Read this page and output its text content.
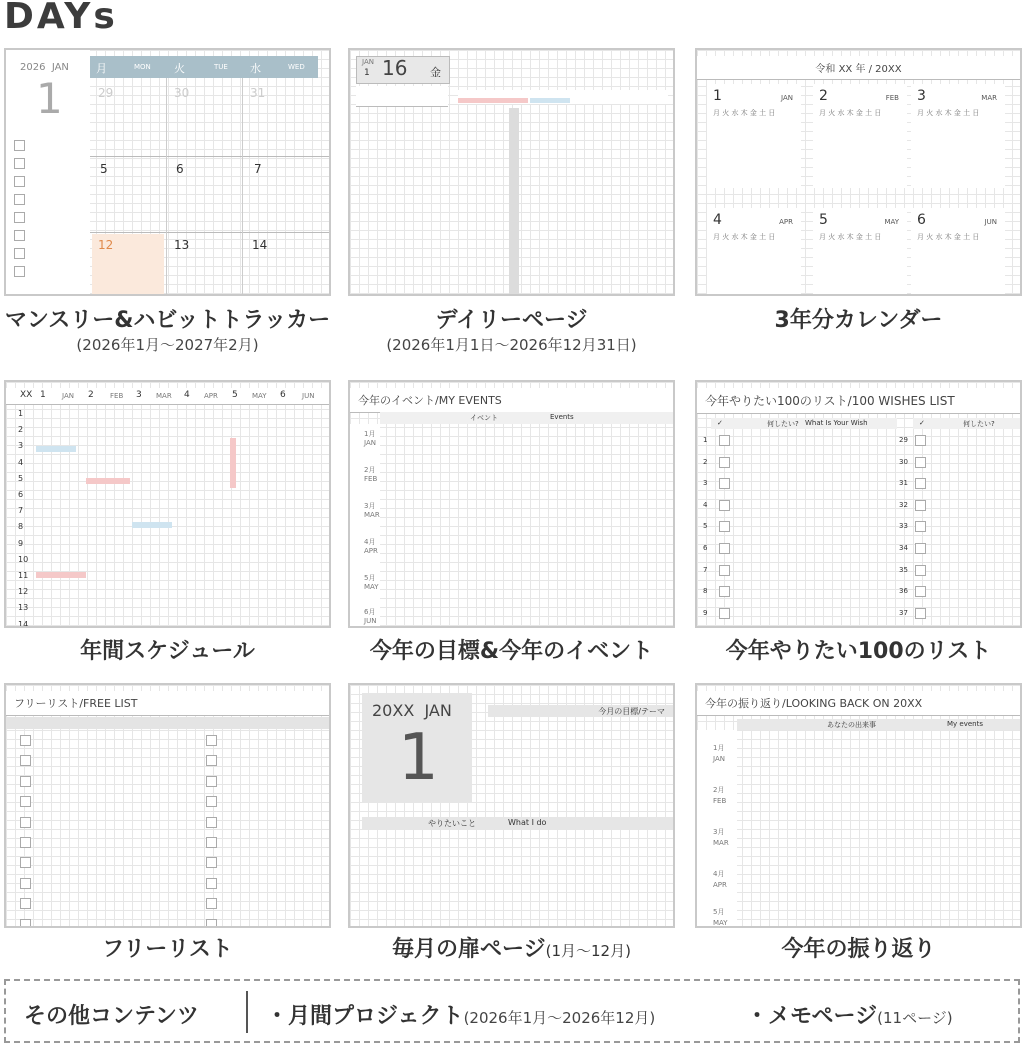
DAYs
2026 JAN
1
月	MON 火	TUE 水	WED
29	30	31
5	6	7
12	13	14
マンスリー&ハビットトラッカー
(2026年1月〜2027年2月)
JAN
1 16 金
デイリーページ
(2026年1月1日〜2026年12月31日)
令和 XX 年 / 20XX
1	JAN
月 火 水 木 金 土 日
2	FEB
月 火 水 木 金 土 日
3	MAR
月 火 水 木 金 土 日
4	APR
月 火 水 木 金 土 日
5	MAY
月 火 水 木 金 土 日
6	JUN
月 火 水 木 金 土 日
3年分カレンダー
XX 1 JAN 2 FEB 3 MAR 4 APR 5 MAY 6 JUN
1
2
3
4
5
6
7
8
9
10
11
12
13
14
年間スケジュール
今年のイベント/MY EVENTS
イベント	Events
1月
JAN
2月
FEB
3月
MAR
4月
APR
5月
MAY
6月
JUN
今年の目標&今年のイベント
今年やりたい100のリスト/100 WISHES LIST
✓	何したい? What Is Your Wish	✓	何したい?
1
2
3
4
5
6
7
8
9
29
30
31
32
33
34
35
36
37
今年やりたい100のリスト
フリーリスト/FREE LIST
フリーリスト
20XX  JAN
1
今月の目標/テーマ
やりたいこと	What I do
毎月の扉ページ(1月〜12月)
今年の振り返り/LOOKING BACK ON 20XX
あなたの出来事	My events
1月
JAN
2月
FEB
3月
MAR
4月
APR
5月
MAY
今年の振り返り
その他コンテンツ	・月間プロジェクト(2026年1月〜2026年12月)	・メモページ(11ページ)
